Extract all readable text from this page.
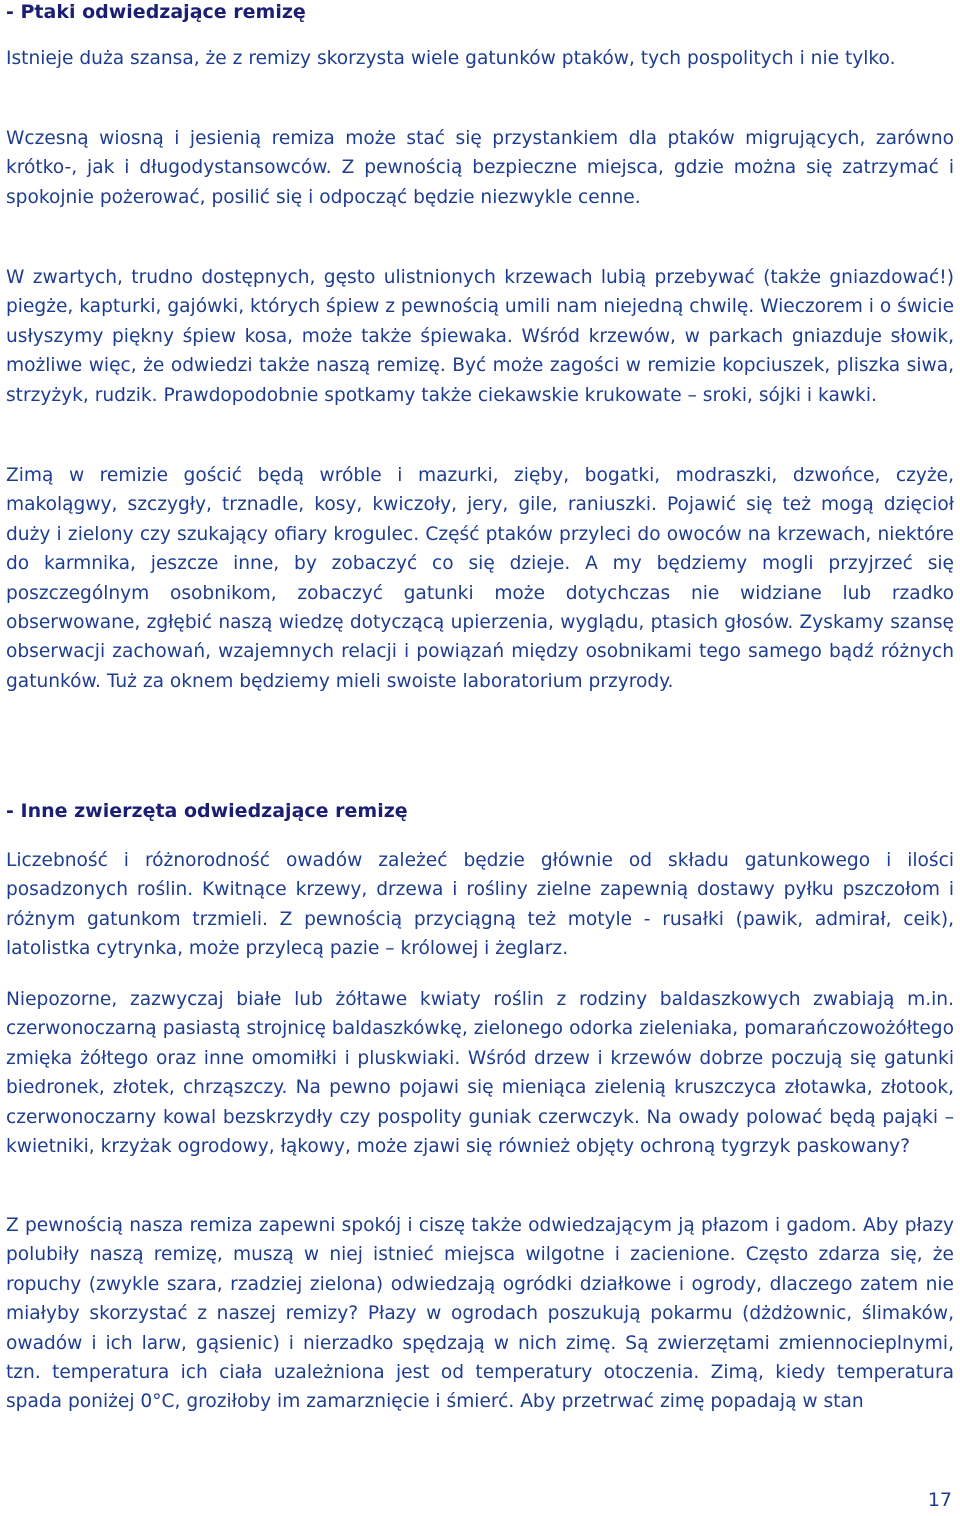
- Ptaki odwiedzające remizę

Istnieje duża szansa, że z remizy skorzysta wiele gatunków ptaków, tych pospolitych i nie tylko.

Wczesną wiosną i jesienią remiza może stać się przystankiem dla ptaków migrujących, zarówno krótko-, jak i długodystansowców. Z pewnością bezpieczne miejsca, gdzie można się zatrzymać i spokojnie pożerować, posilić się i odpocząć będzie niezwykle cenne.

W zwartych, trudno dostępnych, gęsto ulistnionych krzewach lubią przebywać (także gniazdować!) piegże, kapturki, gajówki, których śpiew z pewnością umili nam niejedną chwilę. Wieczorem i o świcie usłyszymy piękny śpiew kosa, może także śpiewaka. Wśród krzewów, w parkach gniazduje słowik, możliwe więc, że odwiedzi także naszą remizę. Być może zagości w remizie kopciuszek, pliszka siwa, strzyżyk, rudzik. Prawdopodobnie spotkamy także ciekawskie krukowate – sroki, sójki i kawki.

Zimą w remizie gościć będą wróble i mazurki, zięby, bogatki, modraszki, dzwońce, czyże, makolągwy, szczygły, trznadle, kosy, kwiczoły, jery, gile, raniuszki. Pojawić się też mogą dzięcioł duży i zielony czy szukający ofiary krogulec. Część ptaków przyleci do owoców na krzewach, niektóre do karmnika, jeszcze inne, by zobaczyć co się dzieje. A my będziemy mogli przyjrzeć się poszczególnym osobnikom, zobaczyć gatunki może dotychczas nie widziane lub rzadko obserwowane, zgłębić naszą wiedzę dotyczącą upierzenia, wyglądu, ptasich głosów. Zyskamy szansę obserwacji zachowań, wzajemnych relacji i powiązań między osobnikami tego samego bądź różnych gatunków. Tuż za oknem będziemy mieli swoiste laboratorium przyrody.

- Inne zwierzęta odwiedzające remizę

Liczebność i różnorodność owadów zależeć będzie głównie od składu gatunkowego i ilości posadzonych roślin. Kwitnące krzewy, drzewa i rośliny zielne zapewnią dostawy pyłku pszczołom i różnym gatunkom trzmieli. Z pewnością przyciągną też motyle - rusałki (pawik, admirał, ceik), latolistka cytrynka, może przylecą pazie – królowej i żeglarz.

Niepozorne, zazwyczaj białe lub żółtawe kwiaty roślin z rodziny baldaszkowych zwabiają m.in. czerwonoczarną pasiastą strojnicę baldaszkówkę, zielonego odorka zieleniaka, pomarańczowożółtego zmięka żółtego oraz inne omomiłki i pluskwiaki. Wśród drzew i krzewów dobrze poczują się gatunki biedronek, złotek, chrząszczy. Na pewno pojawi się mieniąca zielenią kruszczyca złotawka, złotook, czerwonoczarny kowal bezskrzydły czy pospolity guniak czerwczyk. Na owady polować będą pająki – kwietniki, krzyżak ogrodowy, łąkowy, może zjawi się również objęty ochroną tygrzyk paskowany?

Z pewnością nasza remiza zapewni spokój i ciszę także odwiedzającym ją płazom i gadom. Aby płazy polubiły naszą remizę, muszą w niej istnieć miejsca wilgotne i zacienione. Często zdarza się, że ropuchy (zwykle szara, rzadziej zielona) odwiedzają ogródki działkowe i ogrody, dlaczego zatem nie miałyby skorzystać z naszej remizy? Płazy w ogrodach poszukują pokarmu (dżdżownic, ślimaków, owadów i ich larw, gąsienic) i nierzadko spędzają w nich zimę. Są zwierzętami zmiennocieplnymi, tzn. temperatura ich ciała uzależniona jest od temperatury otoczenia. Zimą, kiedy temperatura spada poniżej 0°C, groziłoby im zamarznięcie i śmierć. Aby przetrwać zimę popadają w stan

17
